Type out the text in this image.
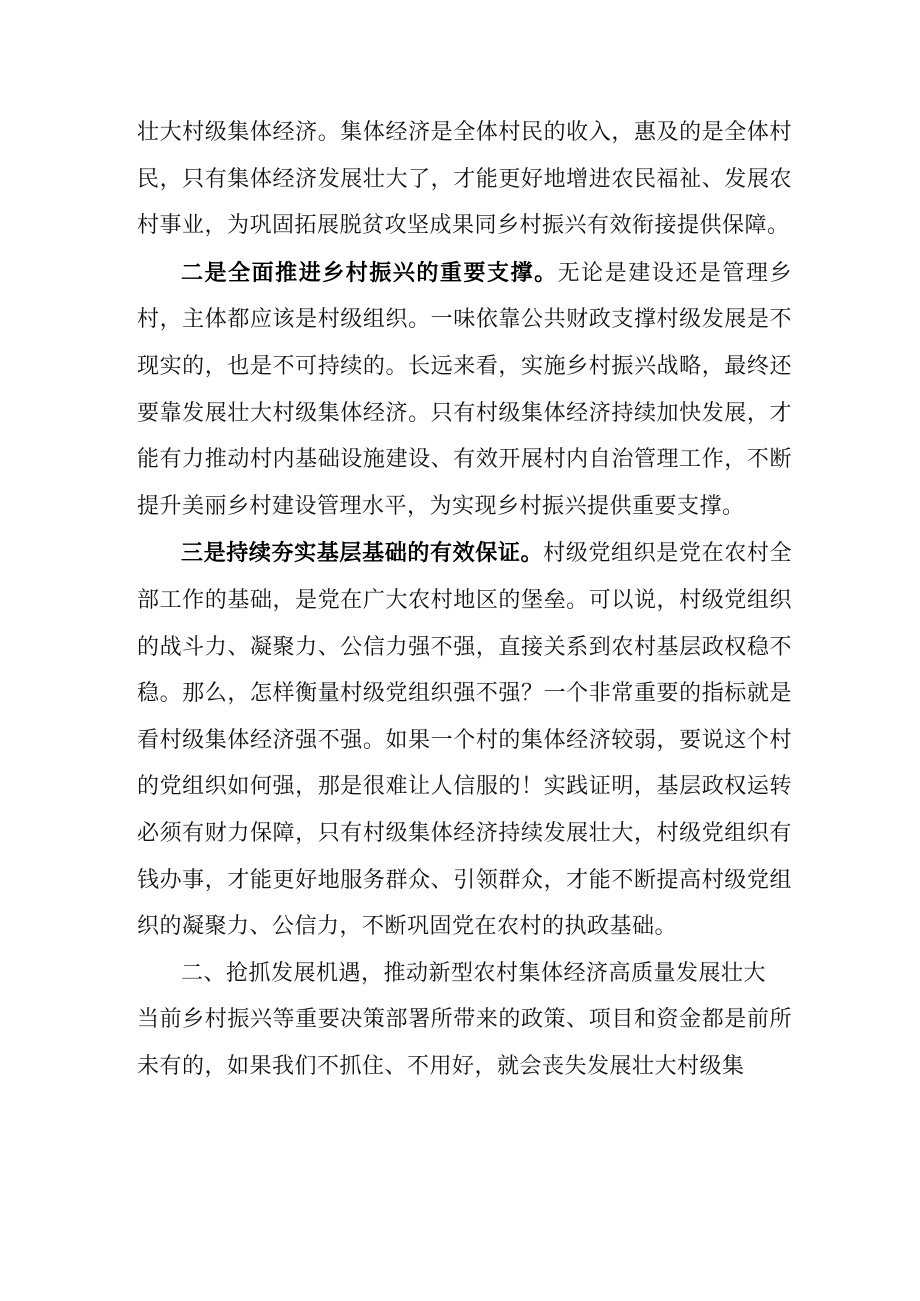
壮大村级集体经济。集体经济是全体村民的收入，惠及的是全体村民，只有集体经济发展壮大了，才能更好地增进农民福祉、发展农村事业，为巩固拓展脱贫攻坚成果同乡村振兴有效衔接提供保障。

二是全面推进乡村振兴的重要支撑。无论是建设还是管理乡村，主体都应该是村级组织。一味依靠公共财政支撑村级发展是不现实的，也是不可持续的。长远来看，实施乡村振兴战略，最终还要靠发展壮大村级集体经济。只有村级集体经济持续加快发展，才能有力推动村内基础设施建设、有效开展村内自治管理工作，不断提升美丽乡村建设管理水平，为实现乡村振兴提供重要支撑。

三是持续夯实基层基础的有效保证。村级党组织是党在农村全部工作的基础，是党在广大农村地区的堡垒。可以说，村级党组织的战斗力、凝聚力、公信力强不强，直接关系到农村基层政权稳不稳。那么，怎样衡量村级党组织强不强？一个非常重要的指标就是看村级集体经济强不强。如果一个村的集体经济较弱，要说这个村的党组织如何强，那是很难让人信服的！实践证明，基层政权运转必须有财力保障，只有村级集体经济持续发展壮大，村级党组织有钱办事，才能更好地服务群众、引领群众，才能不断提高村级党组织的凝聚力、公信力，不断巩固党在农村的执政基础。

二、抢抓发展机遇，推动新型农村集体经济高质量发展壮大

当前乡村振兴等重要决策部署所带来的政策、项目和资金都是前所未有的，如果我们不抓住、不用好，就会丧失发展壮大村级集
